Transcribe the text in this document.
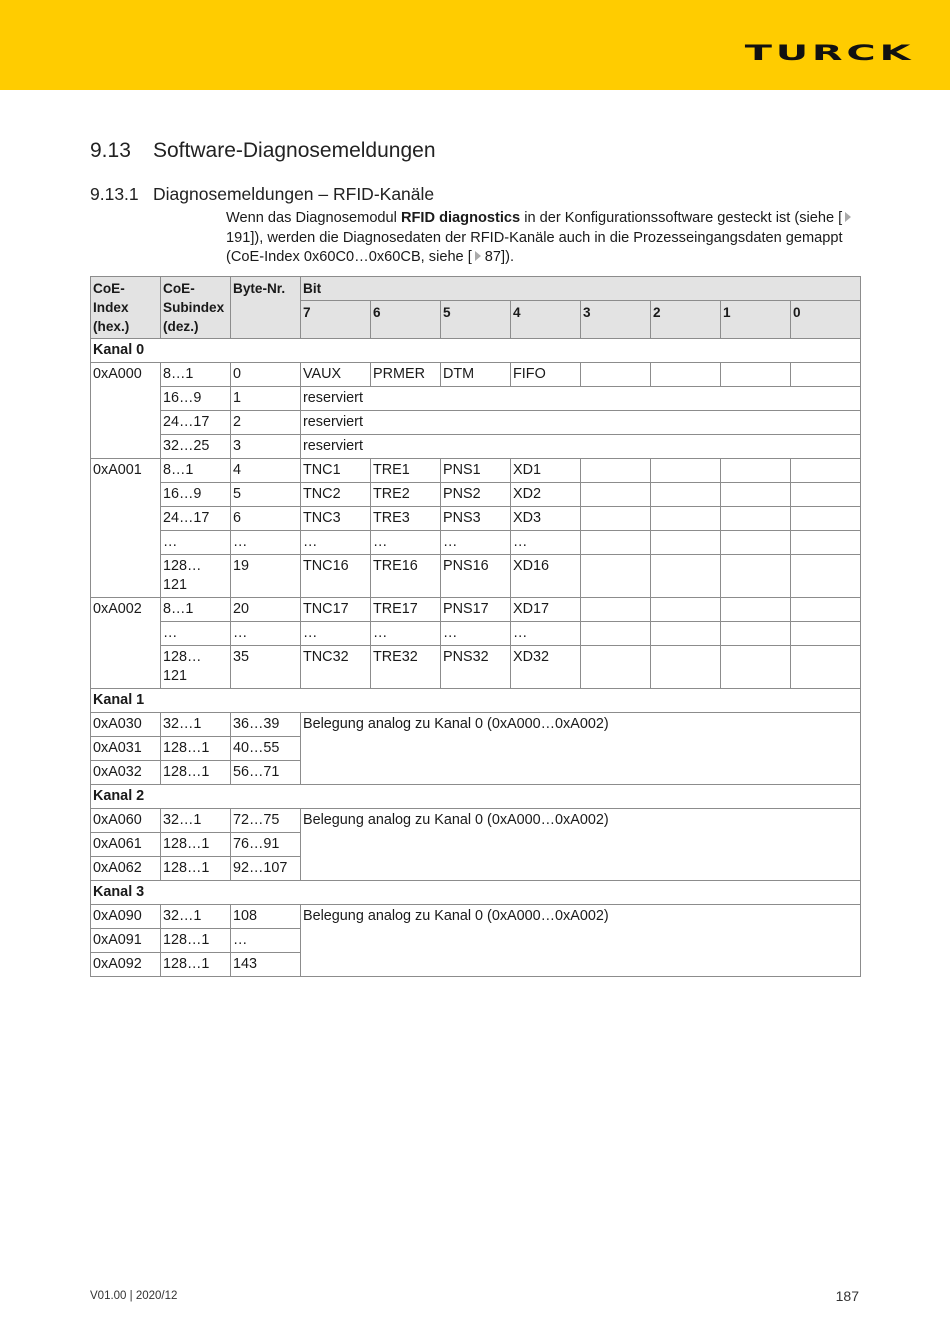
TURCK
9.13 Software-Diagnosemeldungen
9.13.1 Diagnosemeldungen – RFID-Kanäle
Wenn das Diagnosemodul RFID diagnostics in der Konfigurationssoftware gesteckt ist (siehe [191]), werden die Diagnosedaten der RFID-Kanäle auch in die Prozesseingangsdaten gemappt (CoE-Index 0x60C0…0x60CB, siehe [ 87]).
CoE-Index (hex.)	CoE-Subindex (dez.)	Byte-Nr.	Bit							
			7	6	5	4	3	2	1	0
Kanal 0										
0xA000	8…1	0	VAUX	PRMER	DTM	FIFO				
	16…9	1	reserviert							
	24…17	2	reserviert							
	32…25	3	reserviert							
0xA001	8…1	4	TNC1	TRE1	PNS1	XD1				
	16…9	5	TNC2	TRE2	PNS2	XD2				
	24…17	6	TNC3	TRE3	PNS3	XD3				
	…	…	…	…	…	…				
	128… 121	19	TNC16	TRE16	PNS16	XD16				
0xA002	8…1	20	TNC17	TRE17	PNS17	XD17				
	…	…	…	…	…	…				
	128… 121	35	TNC32	TRE32	PNS32	XD32				
Kanal 1										
0xA030	32…1	36…39	Belegung analog zu Kanal 0 (0xA000…0xA002)							
0xA031	128…1	40…55								
0xA032	128…1	56…71								
Kanal 2										
0xA060	32…1	72…75	Belegung analog zu Kanal 0 (0xA000…0xA002)							
0xA061	128…1	76…91								
0xA062	128…1	92…107								
Kanal 3										
0xA090	32…1	108	Belegung analog zu Kanal 0 (0xA000…0xA002)							
0xA091	128…1	…								
0xA092	128…1	143								
V01.00 | 2020/12	187
